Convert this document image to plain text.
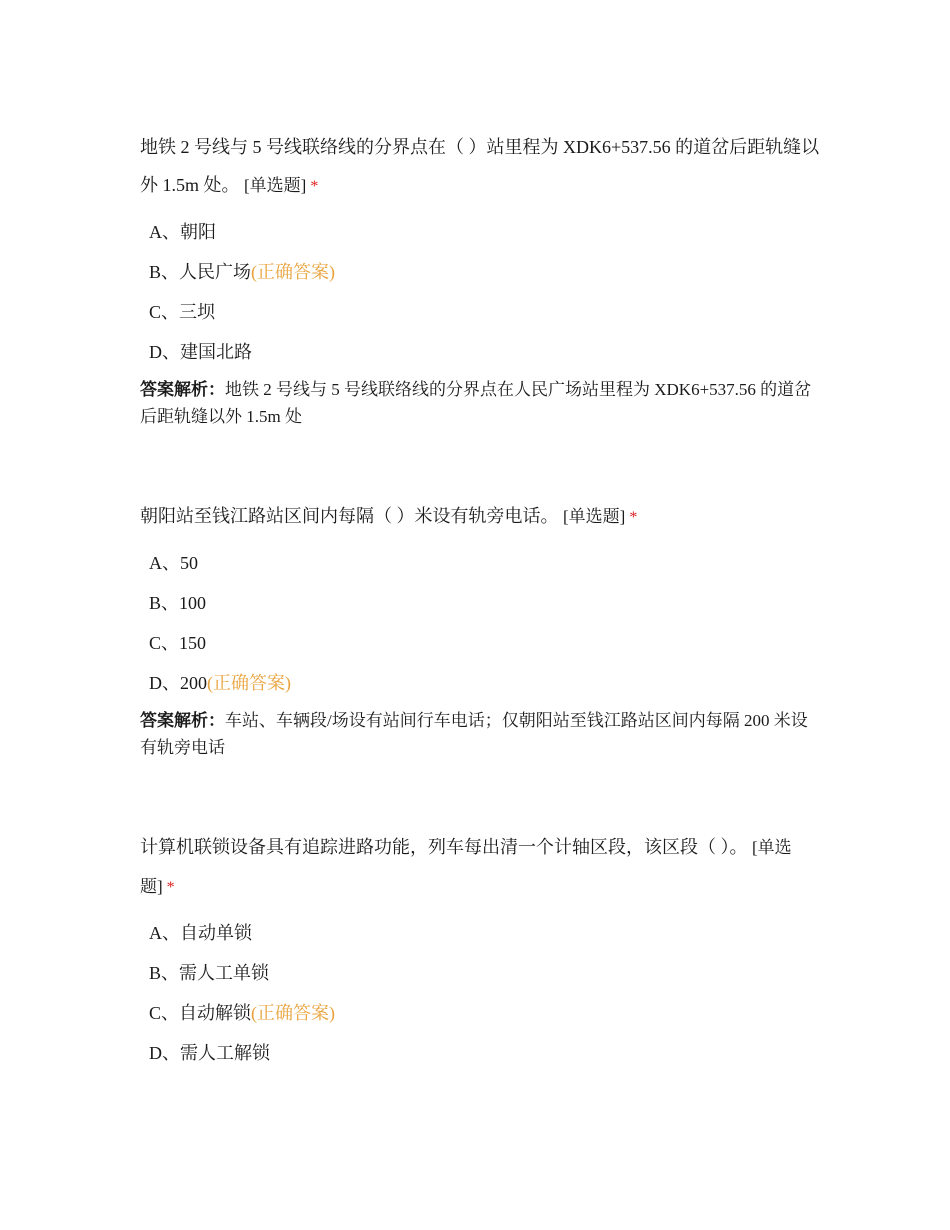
地铁 2 号线与 5 号线联络线的分界点在（ ）站里程为 XDK6+537.56 的道岔后距轨缝以外 1.5m 处。 [单选题] *

A、朝阳
B、人民广场(正确答案)
C、三坝
D、建国北路
答案解析：地铁 2 号线与 5 号线联络线的分界点在人民广场站里程为 XDK6+537.56 的道岔后距轨缝以外 1.5m 处

朝阳站至钱江路站区间内每隔（ ）米设有轨旁电话。 [单选题] *

A、50
B、100
C、150
D、200(正确答案)
答案解析：车站、车辆段/场设有站间行车电话；仅朝阳站至钱江路站区间内每隔 200 米设有轨旁电话

计算机联锁设备具有追踪进路功能，列车每出清一个计轴区段，该区段（ ）。 [单选题] *

A、自动单锁
B、需人工单锁
C、自动解锁(正确答案)
D、需人工解锁
